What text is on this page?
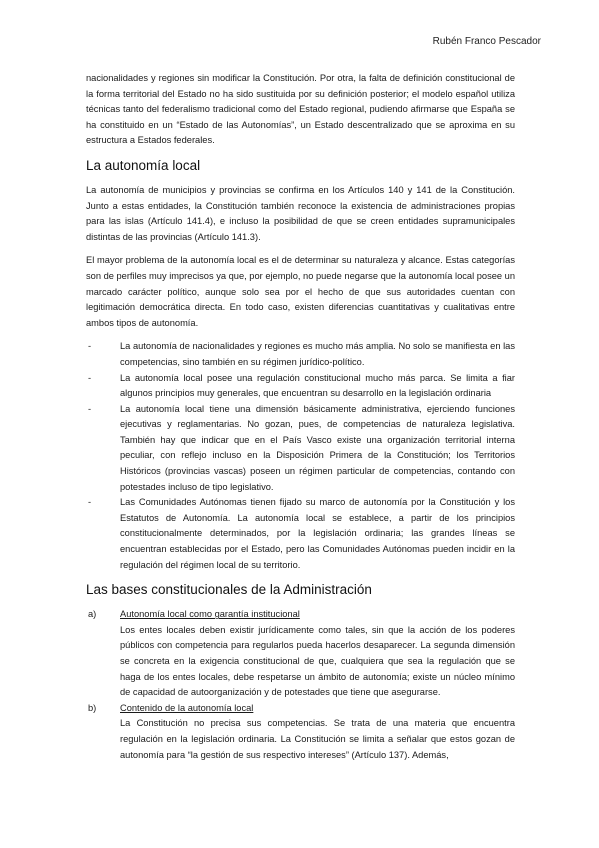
Rubén Franco Pescador

nacionalidades y regiones sin modificar la Constitución. Por otra, la falta de definición constitucional de la forma territorial del Estado no ha sido sustituida por su definición posterior; el modelo español utiliza técnicas tanto del federalismo tradicional como del Estado regional, pudiendo afirmarse que España se ha constituido en un “Estado de las Autonomías”, un Estado descentralizado que se aproxima en su estructura a Estados federales.

La autonomía local

La autonomía de municipios y provincias se confirma en los Artículos 140 y 141 de la Constitución. Junto a estas entidades, la Constitución también reconoce la existencia de administraciones propias para las islas (Artículo 141.4), e incluso la posibilidad de que se creen entidades supramunicipales distintas de las provincias (Artículo 141.3).

El mayor problema de la autonomía local es el de determinar su naturaleza y alcance. Estas categorías son de perfiles muy imprecisos ya que, por ejemplo, no puede negarse que la autonomía local posee un marcado carácter político, aunque solo sea por el hecho de que sus autoridades cuentan con legitimación democrática directa. En todo caso, existen diferencias cuantitativas y cualitativas entre ambos tipos de autonomía.

-	La autonomía de nacionalidades y regiones es mucho más amplia. No solo se manifiesta en las competencias, sino también en su régimen jurídico-político.
-	La autonomía local posee una regulación constitucional mucho más parca. Se limita a fiar algunos principios muy generales, que encuentran su desarrollo en la legislación ordinaria
-	La autonomía local tiene una dimensión básicamente administrativa, ejerciendo funciones ejecutivas y reglamentarias. No gozan, pues, de competencias de naturaleza legislativa. También hay que indicar que en el País Vasco existe una organización territorial interna peculiar, con reflejo incluso en la Disposición Primera de la Constitución; los Territorios Históricos (provincias vascas) poseen un régimen particular de competencias, contando con potestades incluso de tipo legislativo.
-	Las Comunidades Autónomas tienen fijado su marco de autonomía por la Constitución y los Estatutos de Autonomía. La autonomía local se establece, a partir de los principios constitucionalmente determinados, por la legislación ordinaria; las grandes líneas se encuentran establecidas por el Estado, pero las Comunidades Autónomas pueden incidir en la regulación del régimen local de su territorio.
Las bases constitucionales de la Administración
a)	Autonomía local como garantía institucional
Los entes locales deben existir jurídicamente como tales, sin que la acción de los poderes públicos con competencia para regularlos pueda hacerlos desaparecer. La segunda dimensión se concreta en la exigencia constitucional de que, cualquiera que sea la regulación que se haga de los entes locales, debe respetarse un ámbito de autonomía; existe un núcleo mínimo de capacidad de autoorganización y de potestades que tiene que asegurarse.
b)	Contenido de la autonomía local
La Constitución no precisa sus competencias. Se trata de una materia que encuentra regulación en la legislación ordinaria. La Constitución se limita a señalar que estos gozan de autonomía para “la gestión de sus respectivo intereses” (Artículo 137). Además,
